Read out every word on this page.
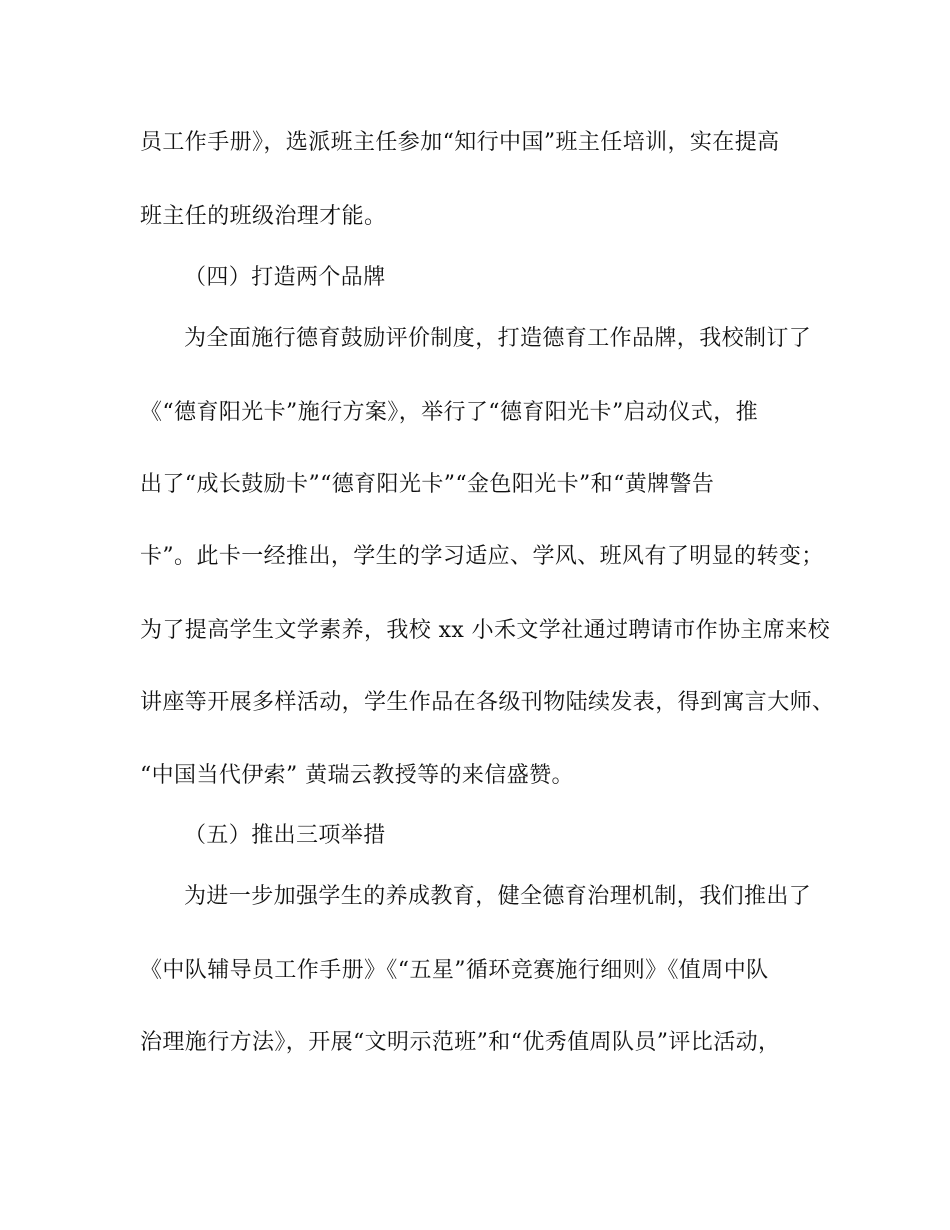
员工作手册》，选派班主任参加“知行中国”班主任培训，实在提高
班主任的班级治理才能。
（四）打造两个品牌
为全面施行德育鼓励评价制度，打造德育工作品牌，我校制订了
《“德育阳光卡”施行方案》，举行了“德育阳光卡”启动仪式，推
出了“成长鼓励卡”“德育阳光卡”“金色阳光卡”和“黄牌警告
卡”。此卡一经推出，学生的学习适应、学风、班风有了明显的转变；
为了提高学生文学素养，我校 xx 小禾文学社通过聘请市作协主席来校
讲座等开展多样活动，学生作品在各级刊物陆续发表，得到寓言大师、
“中国当代伊索” 黄瑞云教授等的来信盛赞。
（五）推出三项举措
为进一步加强学生的养成教育，健全德育治理机制，我们推出了
《中队辅导员工作手册》《“五星”循环竞赛施行细则》《值周中队
治理施行方法》，开展“文明示范班”和“优秀值周队员”评比活动，
